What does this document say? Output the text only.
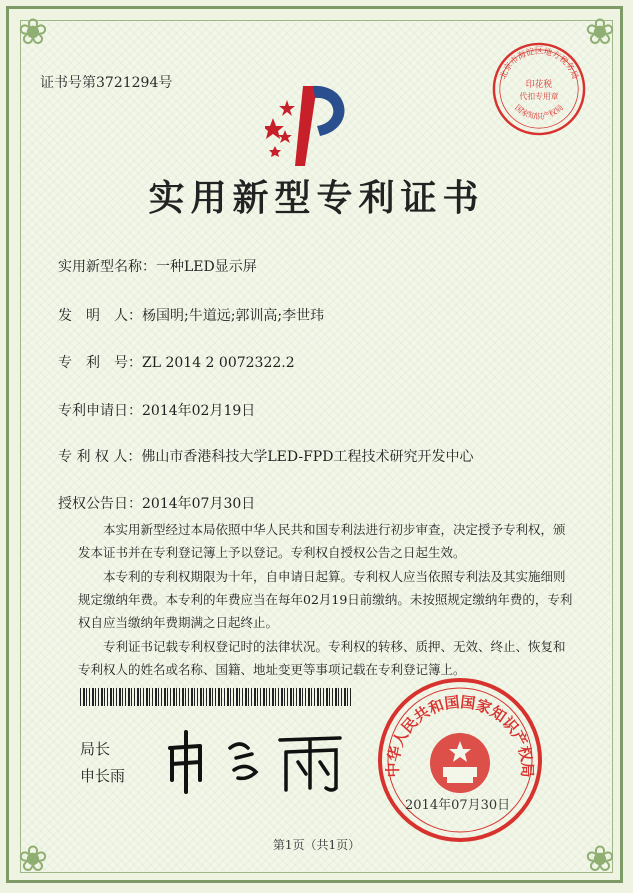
❀	❀
❀	❀
证书号第3721294号
北京市海淀区地方税务局
印花税
代扣专用章
国家知识产权局
实用新型专利证书
实用新型名称：一种LED显示屏
发　明　人：杨国明;牛道远;郭训高;李世玮
专　利　号：ZL 2014 2 0072322.2
专利申请日：2014年02月19日
专 利 权 人：佛山市香港科技大学LED-FPD工程技术研究开发中心
授权公告日：2014年07月30日

本实用新型经过本局依照中华人民共和国专利法进行初步审查，决定授予专利权，颁发本证书并在专利登记簿上予以登记。专利权自授权公告之日起生效。

本专利的专利权期限为十年，自申请日起算。专利权人应当依照专利法及其实施细则规定缴纳年费。本专利的年费应当在每年02月19日前缴纳。未按照规定缴纳年费的，专利权自应当缴纳年费期满之日起终止。

专利证书记载专利权登记时的法律状况。专利权的转移、质押、无效、终止、恢复和专利权人的姓名或名称、国籍、地址变更等事项记载在专利登记簿上。

局长
申长雨	中华人民共和国国家知识产权局
2014年07月30日
第1页（共1页）
